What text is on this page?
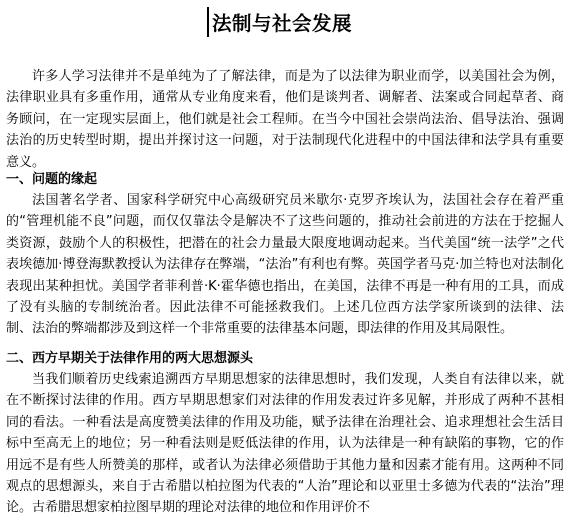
法制与社会发展

许多人学习法律并不是单纯为了了解法律，而是为了以法律为职业而学，以美国社会为例，法律职业具有多重作用，通常从专业角度来看，他们是谈判者、调解者、法案或合同起草者、商务顾问，在一定现实层面上，他们就是社会工程师。在当今中国社会崇尚法治、倡导法治、强调法治的历史转型时期，提出并探讨这一问题，对于法制现代化进程中的中国法律和法学具有重要意义。

一、问题的缘起

法国著名学者、国家科学研究中心高级研究员米歇尔·克罗齐埃认为，法国社会存在着严重的“管理机能不良”问题，而仅仅靠法令是解决不了这些问题的，推动社会前进的方法在于挖掘人类资源，鼓励个人的积极性，把潜在的社会力量最大限度地调动起来。当代美国“统一法学”之代表埃德加·博登海默教授认为法律存在弊端，“法治”有利也有弊。英国学者马克·加兰特也对法制化表现出某种担忧。美国学者菲利普·K·霍华德也指出，在美国，法律不再是一种有用的工具，而成了没有头脑的专制统治者。因此法律不可能拯救我们。上述几位西方法学家所谈到的法律、法制、法治的弊端都涉及到这样一个非常重要的法律基本问题，即法律的作用及其局限性。

二、西方早期关于法律作用的两大思想源头

当我们顺着历史线索追溯西方早期思想家的法律思想时，我们发现，人类自有法律以来，就在不断探讨法律的作用。西方早期思想家们对法律的作用发表过许多见解，并形成了两种不甚相同的看法。一种看法是高度赞美法律的作用及功能，赋予法律在治理社会、追求理想社会生活目标中至高无上的地位；另一种看法则是贬低法律的作用，认为法律是一种有缺陷的事物，它的作用远不是有些人所赞美的那样，或者认为法律必须借助于其他力量和因素才能有用。这两种不同观点的思想源头，来自于古希腊以柏拉图为代表的“人治”理论和以亚里士多德为代表的“法治”理论。古希腊思想家柏拉图早期的理论对法律的地位和作用评价不
